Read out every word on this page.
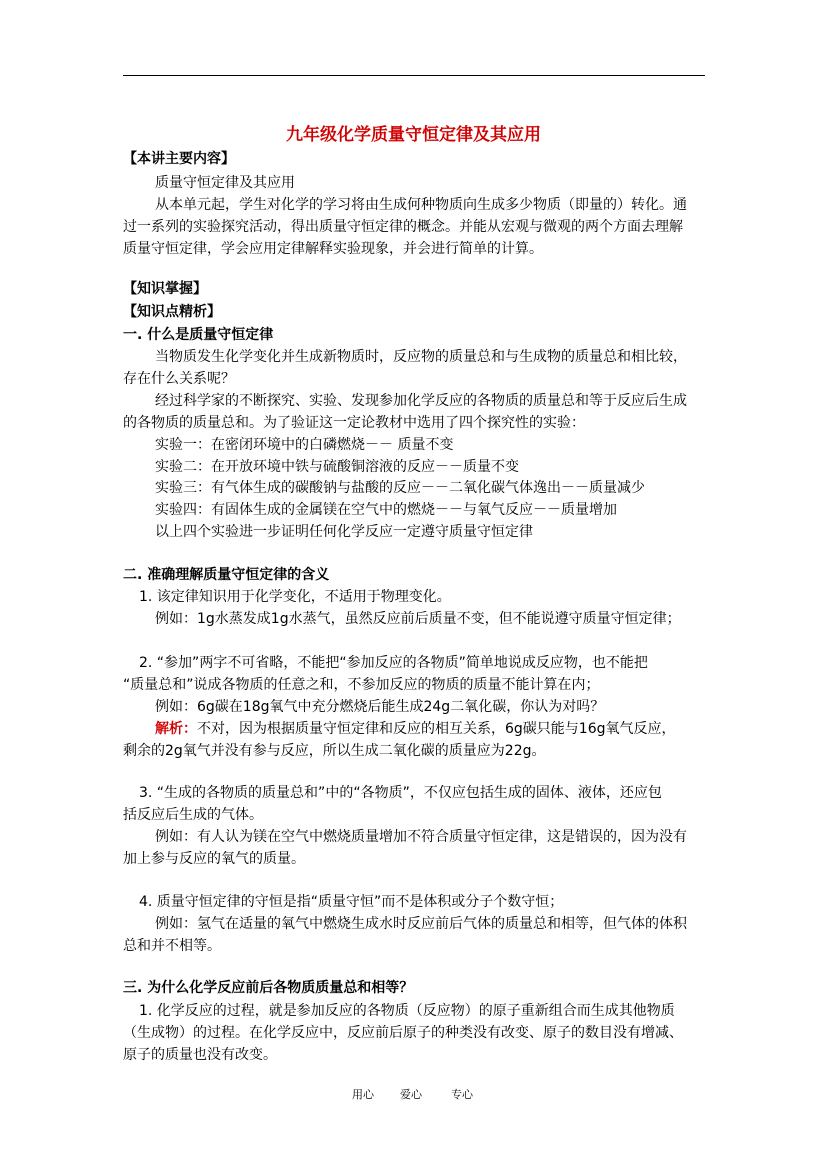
九年级化学质量守恒定律及其应用
【本讲主要内容】
质量守恒定律及其应用
从本单元起，学生对化学的学习将由生成何种物质向生成多少物质（即量的）转化。通
过一系列的实验探究活动，得出质量守恒定律的概念。并能从宏观与微观的两个方面去理解
质量守恒定律，学会应用定律解释实验现象，并会进行简单的计算。
【知识掌握】
【知识点精析】
一. 什么是质量守恒定律
当物质发生化学变化并生成新物质时，反应物的质量总和与生成物的质量总和相比较，
存在什么关系呢？
经过科学家的不断探究、实验、发现参加化学反应的各物质的质量总和等于反应后生成
的各物质的质量总和。为了验证这一定论教材中选用了四个探究性的实验：
实验一：在密闭环境中的白磷燃烧－－ 质量不变
实验二：在开放环境中铁与硫酸铜溶液的反应－－质量不变
实验三：有气体生成的碳酸钠与盐酸的反应－－二氧化碳气体逸出－－质量减少
实验四：有固体生成的金属镁在空气中的燃烧－－与氧气反应－－质量增加
以上四个实验进一步证明任何化学反应一定遵守质量守恒定律
二. 准确理解质量守恒定律的含义
1. 该定律知识用于化学变化，不适用于物理变化。
例如：1g水蒸发成1g水蒸气，虽然反应前后质量不变，但不能说遵守质量守恒定律；
2. “参加”两字不可省略，不能把“参加反应的各物质”简单地说成反应物，也不能把
“质量总和”说成各物质的任意之和，不参加反应的物质的质量不能计算在内；
例如：6g碳在18g氧气中充分燃烧后能生成24g二氧化碳，你认为对吗？
解析：不对，因为根据质量守恒定律和反应的相互关系，6g碳只能与16g氧气反应，
剩余的2g氧气并没有参与反应，所以生成二氧化碳的质量应为22g。
3. “生成的各物质的质量总和”中的“各物质”，不仅应包括生成的固体、液体，还应包
括反应后生成的气体。
例如：有人认为镁在空气中燃烧质量增加不符合质量守恒定律，这是错误的，因为没有
加上参与反应的氧气的质量。
4. 质量守恒定律的守恒是指“质量守恒”而不是体积或分子个数守恒；
例如：氢气在适量的氧气中燃烧生成水时反应前后气体的质量总和相等，但气体的体积
总和并不相等。
三. 为什么化学反应前后各物质质量总和相等？
1. 化学反应的过程，就是参加反应的各物质（反应物）的原子重新组合而生成其他物质
（生成物）的过程。在化学反应中，反应前后原子的种类没有改变、原子的数目没有增减、
原子的质量也没有改变。
用心 爱心	专心
